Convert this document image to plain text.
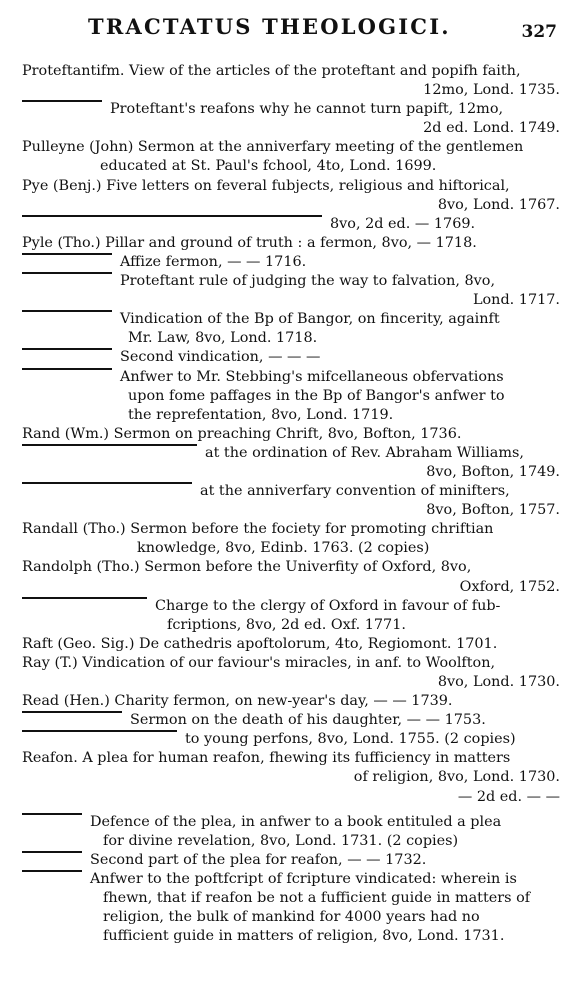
TRACTATUS THEOLOGICI.	327
Proteftantifm. View of the articles of the proteftant and popifh faith,
12mo, Lond. 1735.
Proteftant's reafons why he cannot turn papift, 12mo,
2d ed. Lond. 1749.
Pulleyne (John) Sermon at the anniverfary meeting of the gentlemen
educated at St. Paul's fchool, 4to, Lond. 1699.
Pye (Benj.) Five letters on feveral fubjects, religious and hiftorical,
8vo, Lond. 1767.
8vo, 2d ed. — 1769.
Pyle (Tho.) Pillar and ground of truth : a fermon, 8vo, — 1718.
Affize fermon, — — 1716.
Proteftant rule of judging the way to falvation, 8vo,
Lond. 1717.
Vindication of the Bp of Bangor, on fincerity, againft
Mr. Law, 8vo, Lond. 1718.
Second vindication, — — —
Anfwer to Mr. Stebbing's mifcellaneous obfervations
upon fome paffages in the Bp of Bangor's anfwer to
the reprefentation, 8vo, Lond. 1719.
Rand (Wm.) Sermon on preaching Chrift, 8vo, Bofton, 1736.
at the ordination of Rev. Abraham Williams,
8vo, Bofton, 1749.
at the anniverfary convention of minifters,
8vo, Bofton, 1757.
Randall (Tho.) Sermon before the fociety for promoting chriftian
knowledge, 8vo, Edinb. 1763. (2 copies)
Randolph (Tho.) Sermon before the Univerfity of Oxford, 8vo,
Oxford, 1752.
Charge to the clergy of Oxford in favour of fub-
fcriptions, 8vo, 2d ed. Oxf. 1771.
Raft (Geo. Sig.) De cathedris apoftolorum, 4to, Regiomont. 1701.
Ray (T.) Vindication of our faviour's miracles, in anf. to Woolfton,
8vo, Lond. 1730.
Read (Hen.) Charity fermon, on new-year's day, — — 1739.
Sermon on the death of his daughter, — — 1753.
to young perfons, 8vo, Lond. 1755. (2 copies)
Reafon. A plea for human reafon, fhewing its fufficiency in matters
of religion, 8vo, Lond. 1730.
— 2d ed. — —
Defence of the plea, in anfwer to a book entituled a plea
for divine revelation, 8vo, Lond. 1731. (2 copies)
Second part of the plea for reafon, — — 1732.
Anfwer to the poftfcript of fcripture vindicated: wherein is
fhewn, that if reafon be not a fufficient guide in matters of
religion, the bulk of mankind for 4000 years had no
fufficient guide in matters of religion, 8vo, Lond. 1731.
